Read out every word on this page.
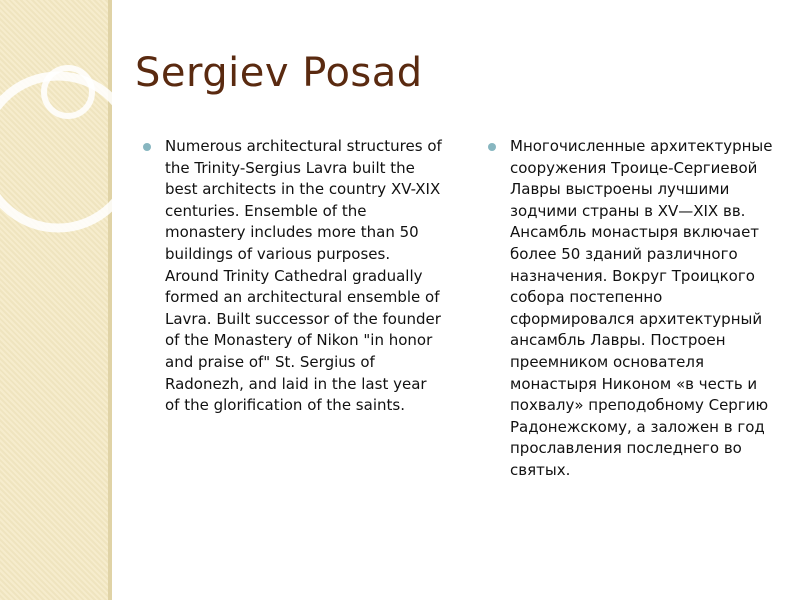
Sergiev Posad

Numerous architectural structures of the Trinity-Sergius Lavra built the best architects in the country XV-XIX centuries. Ensemble of the monastery includes more than 50 buildings of various purposes. Around Trinity Cathedral gradually formed an architectural ensemble of Lavra. Built successor of the founder of the Monastery of Nikon "in honor and praise of" St. Sergius of Radonezh, and laid in the last year of the glorification of the saints.

Многочисленные архитектурные сооружения Троице-Сергиевой Лавры выстроены лучшими зодчими страны в XV—XIX вв. Ансамбль монастыря включает более 50 зданий различного назначения. Вокруг Троицкого собора постепенно сформировался архитектурный ансамбль Лавры. Построен преемником основателя монастыря Никоном «в честь и похвалу» преподобному Сергию Радонежскому, а заложен в год прославления последнего во святых.
